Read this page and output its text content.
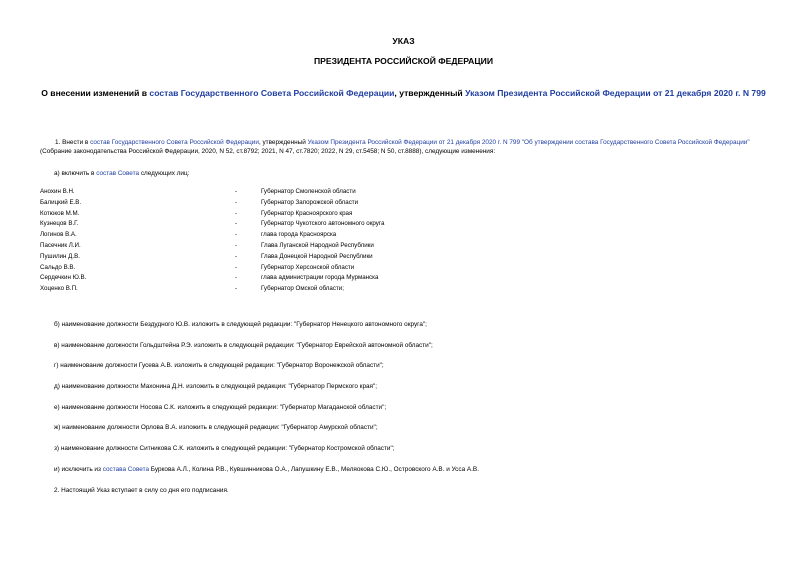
УКАЗ
ПРЕЗИДЕНТА РОССИЙСКОЙ ФЕДЕРАЦИИ
О внесении изменений в состав Государственного Совета Российской Федерации, утвержденный Указом Президента Российской Федерации от 21 декабря 2020 г. N 799
1. Внести в состав Государственного Совета Российской Федерации, утвержденный Указом Президента Российской Федерации от 21 декабря 2020 г. N 799 "Об утверждении состава Государственного Совета Российской Федерации" (Собрание законодательства Российской Федерации, 2020, N 52, ст.8792; 2021, N 47, ст.7820; 2022, N 29, ст.5458; N 50, ст.8888), следующие изменения:
а) включить в состав Совета следующих лиц:
Анохин В.Н.	-	Губернатор Смоленской области
Балицкий Е.В.	-	Губернатор Запорожской области
Котюков М.М.	-	Губернатор Красноярского края
Кузнецов В.Г.	-	Губернатор Чукотского автономного округа
Логинов В.А.	-	глава города Красноярска
Пасечник Л.И.	-	Глава Луганской Народной Республики
Пушилин Д.В.	-	Глава Донецкой Народной Республики
Сальдо В.В.	-	Губернатор Херсонской области
Сердечкин Ю.В.	-	глава администрации города Мурманска
Хоценко В.П.	-	Губернатор Омской области;
б) наименование должности Бездудного Ю.В. изложить в следующей редакции: "Губернатор Ненецкого автономного округа";
в) наименование должности Гольдштейна Р.Э. изложить в следующей редакции: "Губернатор Еврейской автономной области";
г) наименование должности Гусева А.В. изложить в следующей редакции: "Губернатор Воронежской области";
д) наименование должности Махонина Д.Н. изложить в следующей редакции: "Губернатор Пермского края";
е) наименование должности Носова С.К. изложить в следующей редакции: "Губернатор Магаданской области";
ж) наименование должности Орлова В.А. изложить в следующей редакции: "Губернатор Амурской области";
з) наименование должности Ситникова С.К. изложить в следующей редакции: "Губернатор Костромской области";
и) исключить из состава Совета Буркова А.Л., Колина Р.В., Кувшинникова О.А., Лапушкину Е.В., Меляокова С.Ю., Островского А.В. и Усса А.В.
2. Настоящий Указ вступает в силу со дня его подписания.
